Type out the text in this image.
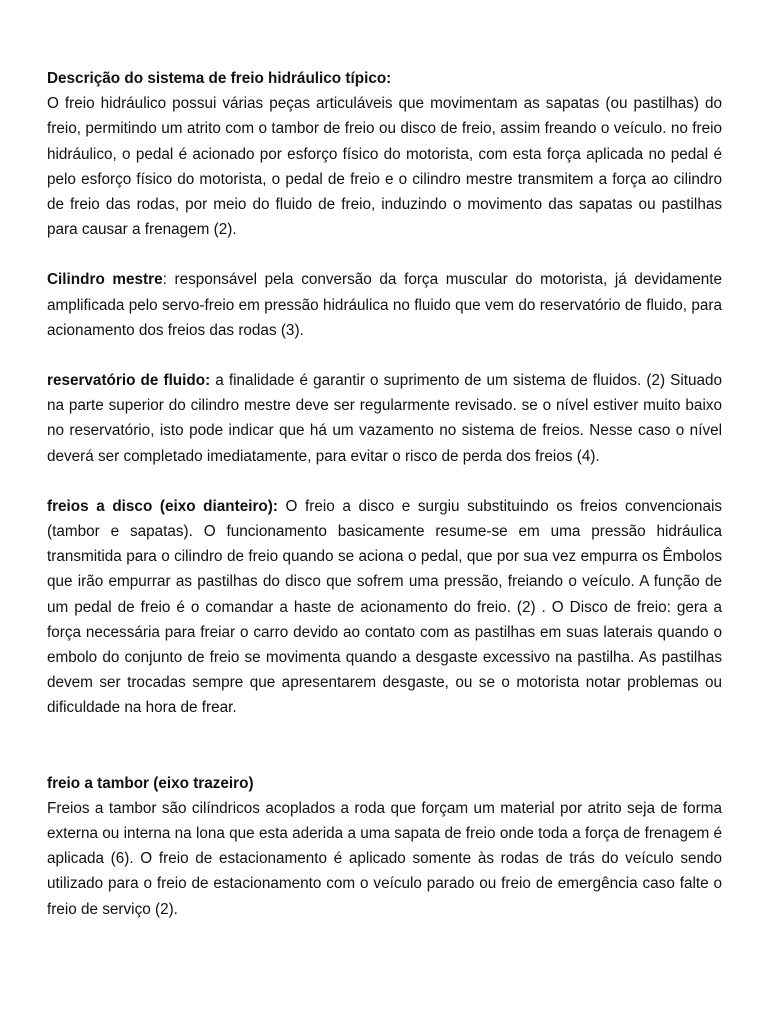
Descrição do sistema de freio hidráulico típico:

O freio hidráulico possui várias peças articuláveis que movimentam as sapatas (ou pastilhas) do freio, permitindo um atrito com o tambor de freio ou disco de freio, assim freando o veículo. no freio hidráulico, o pedal é acionado por esforço físico do motorista, com esta força aplicada no pedal é pelo esforço físico do motorista, o pedal de freio e o cilindro mestre transmitem a força ao cilindro de freio das rodas, por meio do fluido de freio, induzindo o movimento das sapatas ou pastilhas para causar a frenagem (2).

Cilindro mestre: responsável pela conversão da força muscular do motorista, já devidamente amplificada pelo servo-freio em pressão hidráulica no fluido que vem do reservatório de fluido, para acionamento dos freios das rodas (3).

reservatório de fluido: a finalidade é garantir o suprimento de um sistema de fluidos. (2) Situado na parte superior do cilindro mestre deve ser regularmente revisado. se o nível estiver muito baixo no reservatório, isto pode indicar que há um vazamento no sistema de freios. Nesse caso o nível deverá ser completado imediatamente, para evitar o risco de perda dos freios (4).

freios a disco (eixo dianteiro): O freio a disco e surgiu substituindo os freios convencionais (tambor e sapatas). O funcionamento basicamente resume-se em uma pressão hidráulica transmitida para o cilindro de freio quando se aciona o pedal, que por sua vez empurra os Êmbolos que irão empurrar as pastilhas do disco que sofrem uma pressão, freiando o veículo. A função de um pedal de freio é o comandar a haste de acionamento do freio. (2) . O Disco de freio: gera a força necessária para freiar o carro devido ao contato com as pastilhas em suas laterais quando o embolo do conjunto de freio se movimenta quando a desgaste excessivo na pastilha. As pastilhas devem ser trocadas sempre que apresentarem desgaste, ou se o motorista notar problemas ou dificuldade na hora de frear.

freio a tambor (eixo trazeiro)

Freios a tambor são cilíndricos acoplados a roda que forçam um material por atrito seja de forma externa ou interna na lona que esta aderida a uma sapata de freio onde toda a força de frenagem é aplicada (6). O freio de estacionamento é aplicado somente às rodas de trás do veículo sendo utilizado para o freio de estacionamento com o veículo parado ou freio de emergência caso falte o freio de serviço (2).
